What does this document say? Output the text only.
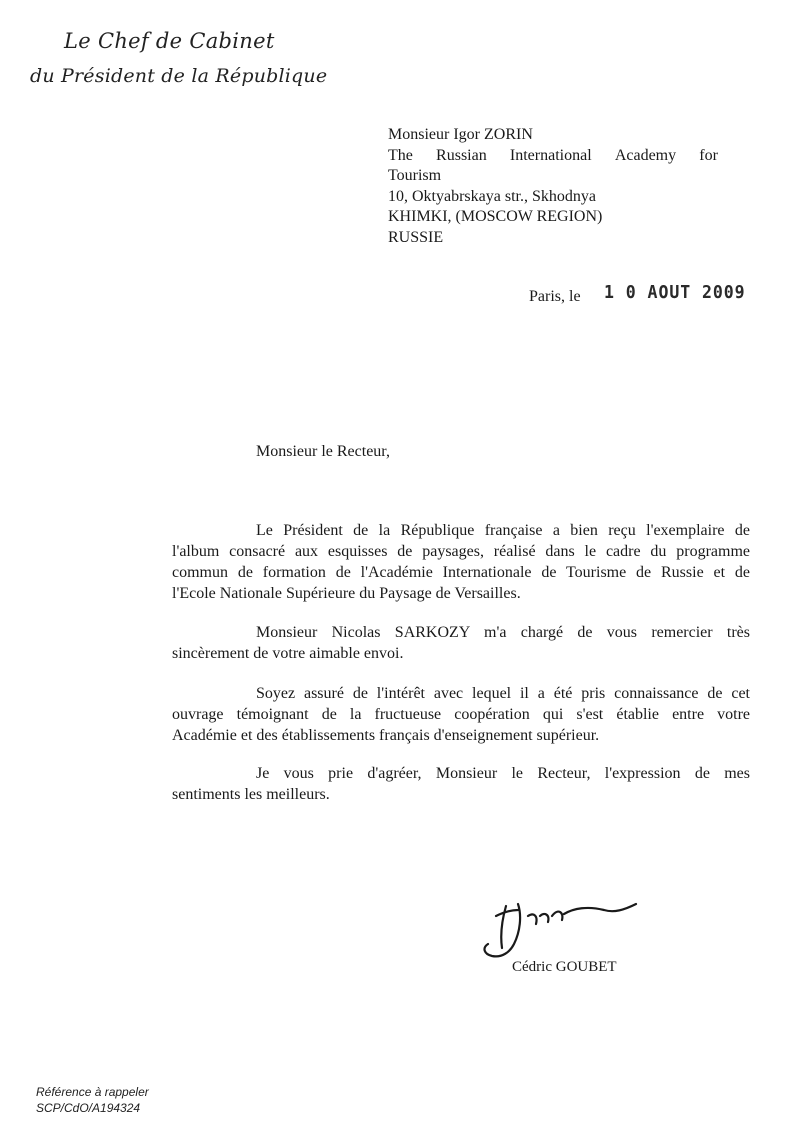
Le Chef de Cabinet
du Président de la République
Monsieur Igor ZORIN
The Russian International Academy for
Tourism
10, Oktyabrskaya str., Skhodnya
KHIMKI, (MOSCOW REGION)
RUSSIE
Paris, le 1 0 AOUT 2009
Monsieur le Recteur,
Le Président de la République française a bien reçu l'exemplaire de
l'album consacré aux esquisses de paysages, réalisé dans le cadre du programme
commun de formation de l'Académie Internationale de Tourisme de Russie et de
l'Ecole Nationale Supérieure du Paysage de Versailles.
Monsieur Nicolas SARKOZY m'a chargé de vous remercier très
sincèrement de votre aimable envoi.
Soyez assuré de l'intérêt avec lequel il a été pris connaissance de cet
ouvrage témoignant de la fructueuse coopération qui s'est établie entre votre
Académie et des établissements français d'enseignement supérieur.
Je vous prie d'agréer, Monsieur le Recteur, l'expression de mes
sentiments les meilleurs.
Cédric GOUBET
Référence à rappeler
SCP/CdO/A194324
